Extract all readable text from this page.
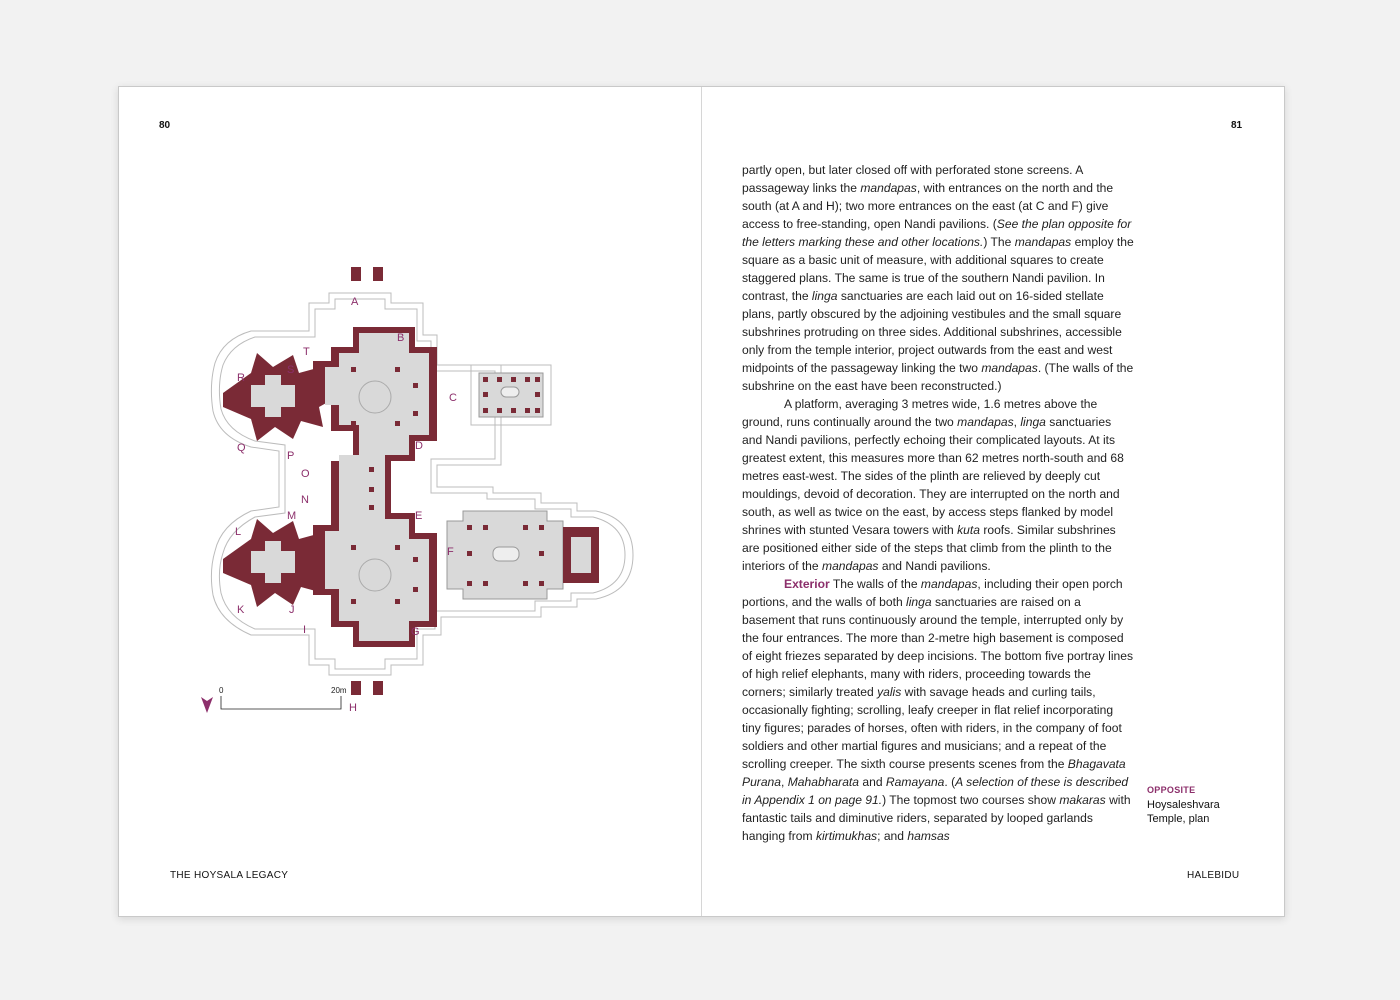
80
A
B
C
D
E
F
G
H
I
J
K
L
M
N
O
P
Q
R
S
T
0	20m
THE HOYSALA LEGACY
81

partly open, but later closed off with perforated stone screens. A passageway links the mandapas, with entrances on the north and the south (at A and H); two more entrances on the east (at C and F) give access to free-standing, open Nandi pavilions. (See the plan opposite for the letters marking these and other locations.) The mandapas employ the square as a basic unit of measure, with additional squares to create staggered plans. The same is true of the southern Nandi pavilion. In contrast, the linga sanctuaries are each laid out on 16-sided stellate plans, partly obscured by the adjoining vestibules and the small square subshrines protruding on three sides. Additional subshrines, accessible only from the temple interior, project outwards from the east and west midpoints of the passageway linking the two mandapas. (The walls of the subshrine on the east have been reconstructed.)

A platform, averaging 3 metres wide, 1.6 metres above the ground, runs continually around the two mandapas, linga sanctuaries and Nandi pavilions, perfectly echoing their complicated layouts. At its greatest extent, this measures more than 62 metres north-south and 68 metres east-west. The sides of the plinth are relieved by deeply cut mouldings, devoid of decoration. They are interrupted on the north and south, as well as twice on the east, by access steps flanked by model shrines with stunted Vesara towers with kuta roofs. Similar subshrines are positioned either side of the steps that climb from the plinth to the interiors of the mandapas and Nandi pavilions.

Exterior The walls of the mandapas, including their open porch portions, and the walls of both linga sanctuaries are raised on a basement that runs continuously around the temple, interrupted only by the four entrances. The more than 2-metre high basement is composed of eight friezes separated by deep incisions. The bottom five portray lines of high relief elephants, many with riders, proceeding towards the corners; similarly treated yalis with savage heads and curling tails, occasionally fighting; scrolling, leafy creeper in flat relief incorporating tiny figures; parades of horses, often with riders, in the company of foot soldiers and other martial figures and musicians; and a repeat of the scrolling creeper. The sixth course presents scenes from the Bhagavata Purana, Mahabharata and Ramayana. (A selection of these is described in Appendix 1 on page 91.) The topmost two courses show makaras with fantastic tails and diminutive riders, separated by looped garlands hanging from kirtimukhas; and hamsas

OPPOSITE
Hoysaleshvara Temple, plan
HALEBIDU
